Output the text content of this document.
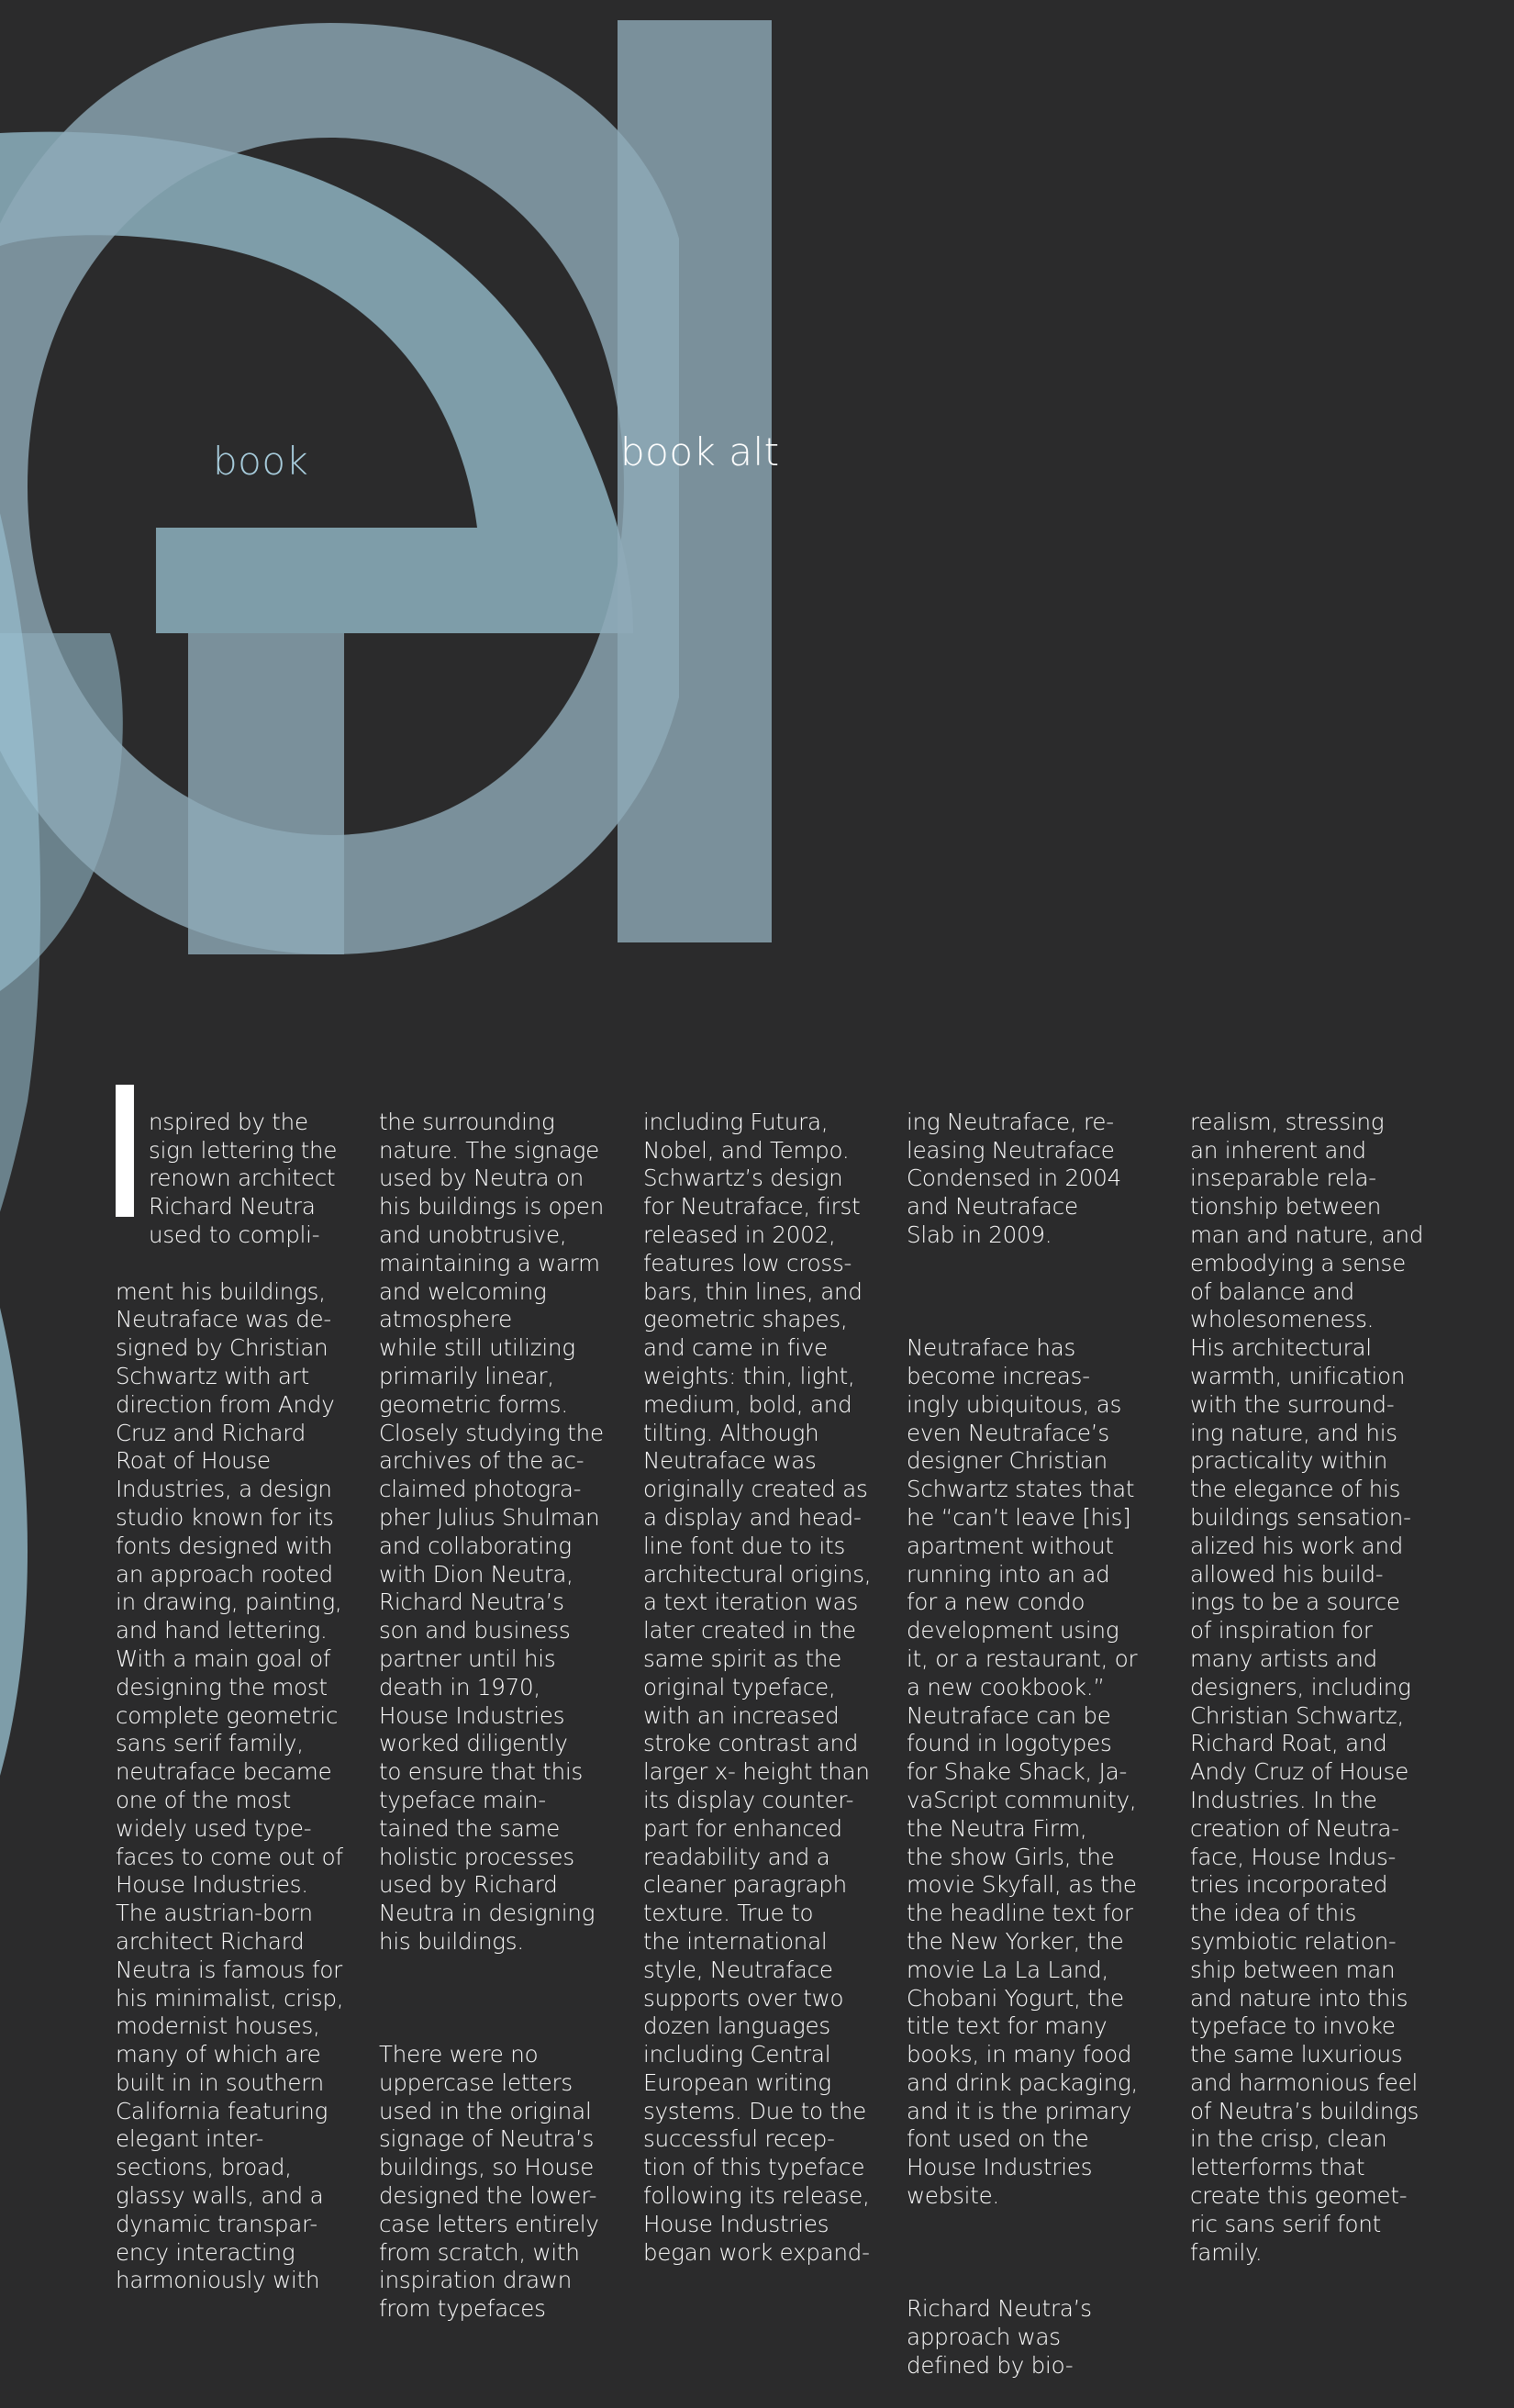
book	book alt

nspired by the
sign lettering the
renown architect
Richard Neutra
used to compli-

ment his buildings,
Neutraface was de-
signed by Christian
Schwartz with art
direction from Andy
Cruz and Richard
Roat of House
Industries, a design
studio known for its
fonts designed with
an approach rooted
in drawing, painting,
and hand lettering.
With a main goal of
designing the most
complete geometric
sans serif family,
neutraface became
one of the most
widely used type-
faces to come out of
House Industries.
The austrian-born
architect Richard
Neutra is famous for
his minimalist, crisp,
modernist houses,
many of which are
built in in southern
California featuring
elegant inter-
sections, broad,
glassy walls, and a
dynamic transpar-
ency interacting
harmoniously with

the surrounding
nature. The signage
used by Neutra on
his buildings is open
and unobtrusive,
maintaining a warm
and welcoming
atmosphere
while still utilizing
primarily linear,
geometric forms.
Closely studying the
archives of the ac-
claimed photogra-
pher Julius Shulman
and collaborating
with Dion Neutra,
Richard Neutra’s
son and business
partner until his
death in 1970,
House Industries
worked diligently
to ensure that this
typeface main-
tained the same
holistic processes
used by Richard
Neutra in designing
his buildings.

There were no
uppercase letters
used in the original
signage of Neutra’s
buildings, so House
designed the lower-
case letters entirely
from scratch, with
inspiration drawn
from typefaces

including Futura,
Nobel, and Tempo.
Schwartz’s design
for Neutraface, first
released in 2002,
features low cross-
bars, thin lines, and
geometric shapes,
and came in five
weights: thin, light,
medium, bold, and
tilting. Although
Neutraface was
originally created as
a display and head-
line font due to its
architectural origins,
a text iteration was
later created in the
same spirit as the
original typeface,
with an increased
stroke contrast and
larger x- height than
its display counter-
part for enhanced
readability and a
cleaner paragraph
texture. True to
the international
style, Neutraface
supports over two
dozen languages
including Central
European writing
systems. Due to the
successful recep-
tion of this typeface
following its release,
House Industries
began work expand-

ing Neutraface, re-
leasing Neutraface
Condensed in 2004
and Neutraface
Slab in 2009.

Neutraface has
become increas-
ingly ubiquitous, as
even Neutraface’s
designer Christian
Schwartz states that
he “can’t leave [his]
apartment without
running into an ad
for a new condo
development using
it, or a restaurant, or
a new cookbook.”
Neutraface can be
found in logotypes
for Shake Shack, Ja-
vaScript community,
the Neutra Firm,
the show Girls, the
movie Skyfall, as the
the headline text for
the New Yorker, the
movie La La Land,
Chobani Yogurt, the
title text for many
books, in many food
and drink packaging,
and it is the primary
font used on the
House Industries
website.

Richard Neutra’s
approach was
defined by bio-

realism, stressing
an inherent and
inseparable rela-
tionship between
man and nature, and
embodying a sense
of balance and
wholesomeness.
His architectural
warmth, unification
with the surround-
ing nature, and his
practicality within
the elegance of his
buildings sensation-
alized his work and
allowed his build-
ings to be a source
of inspiration for
many artists and
designers, including
Christian Schwartz,
Richard Roat, and
Andy Cruz of House
Industries. In the
creation of Neutra-
face, House Indus-
tries incorporated
the idea of this
symbiotic relation-
ship between man
and nature into this
typeface to invoke
the same luxurious
and harmonious feel
of Neutra’s buildings
in the crisp, clean
letterforms that
create this geomet-
ric sans serif font
family.
